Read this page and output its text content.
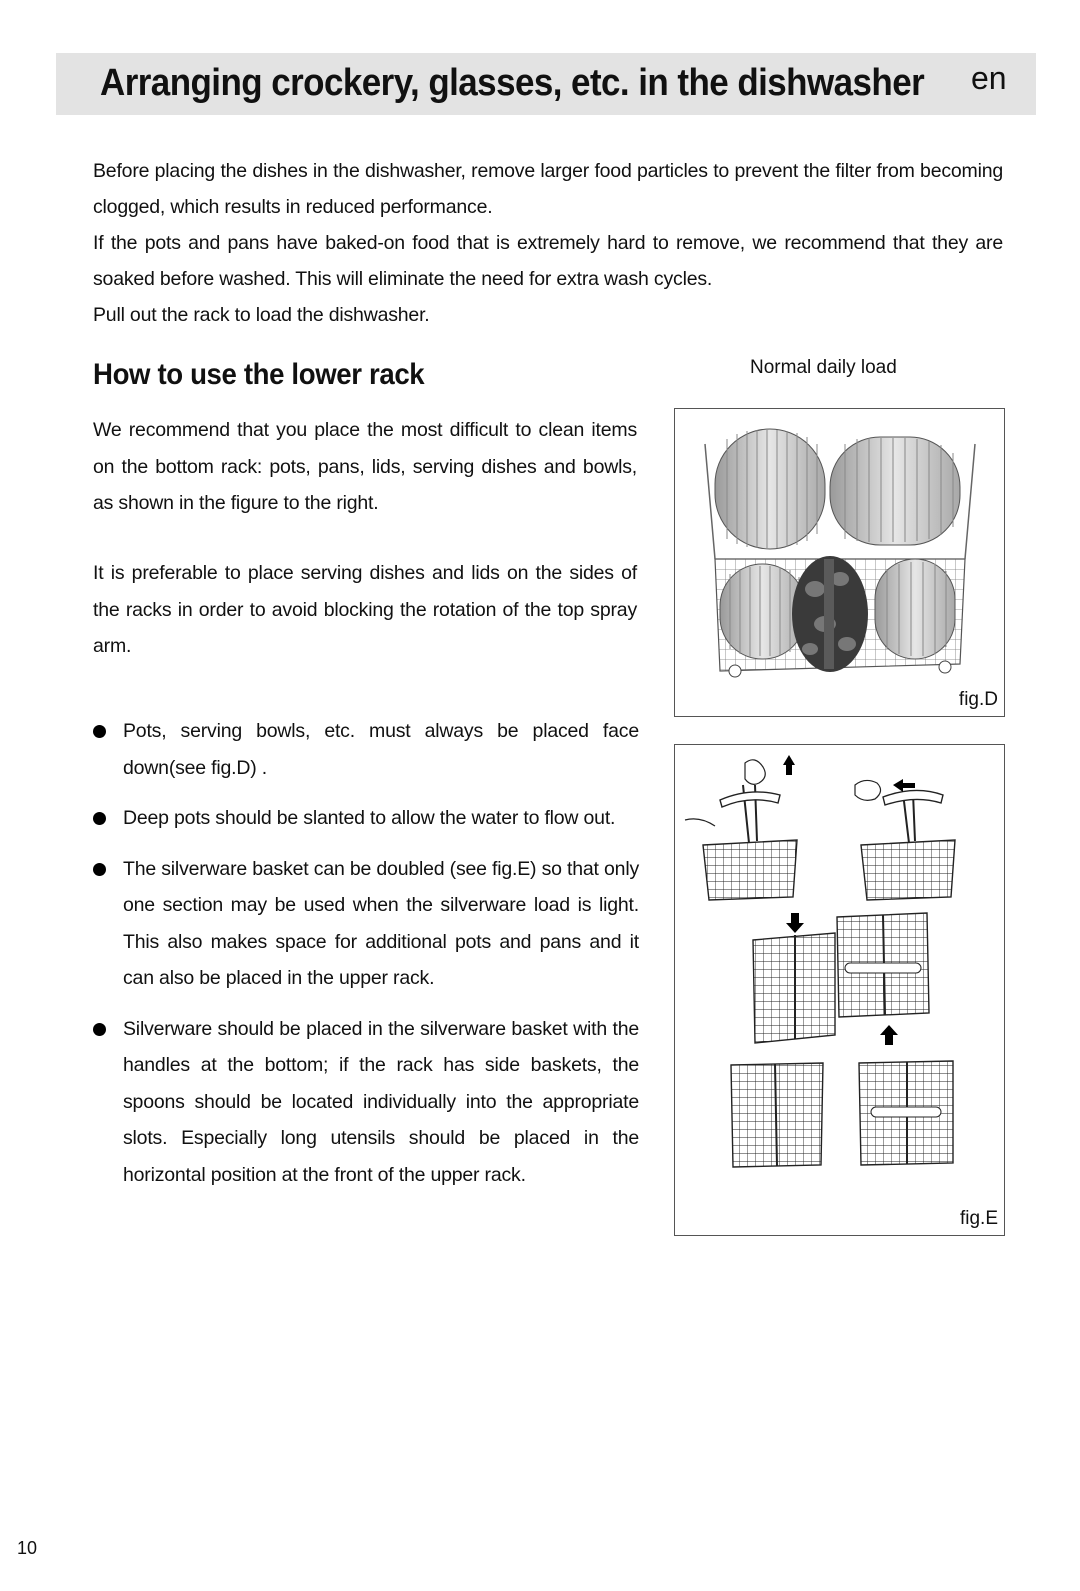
Arranging crockery, glasses, etc. in the dishwasher en

Before placing the dishes in the dishwasher, remove larger food particles to prevent the filter from becoming clogged, which results in reduced performance.

If the pots and pans have baked-on food that is extremely hard to remove, we recommend that they are soaked before washed. This will eliminate the need for extra wash cycles.

Pull out the rack to load the dishwasher.

How to use the lower rack

We recommend that you place the most difficult to clean items on the bottom rack: pots, pans, lids, serving dishes and bowls, as shown in the figure to the right.

It is preferable to place serving dishes and lids on the sides of the racks in order to avoid blocking the rotation of the top spray arm.

Pots, serving bowls, etc. must always be placed face down(see fig.D) .
Deep pots should be slanted to allow the water to flow out.
The silverware basket can be doubled (see fig.E) so that only one section may be used when the silverware load is light. This also makes space for additional pots and pans and it can also be placed in the upper rack.
Silverware should be placed in the silverware basket with the handles at the bottom; if the rack has side baskets, the spoons should be located individually into the appropriate slots. Especially long utensils should be placed in the horizontal position at the front of the upper rack.
Normal daily load
fig.D
fig.E
10
